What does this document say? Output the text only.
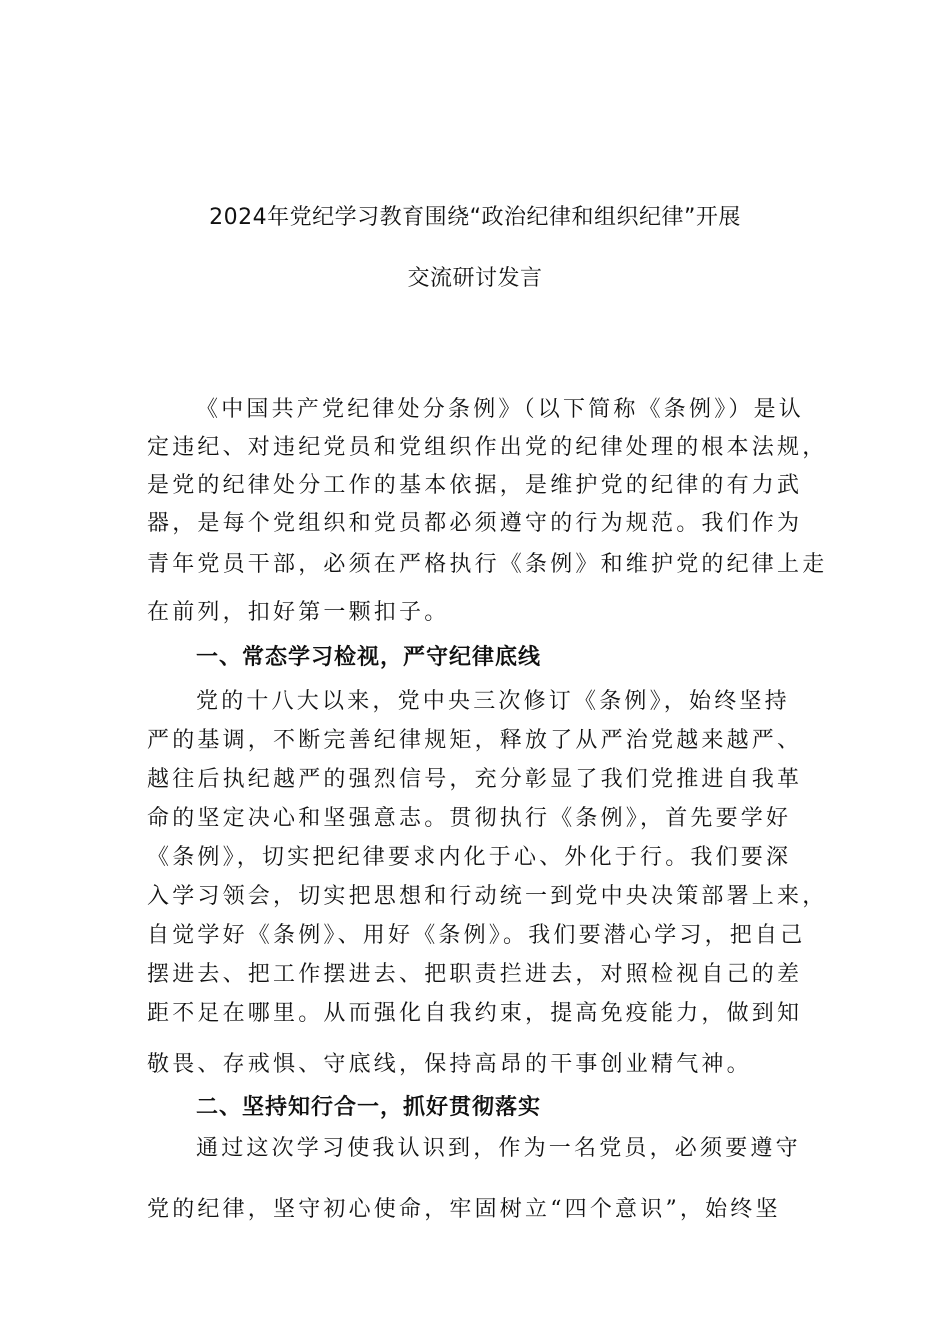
2024年党纪学习教育围绕“政治纪律和组织纪律”开展
交流研讨发言

《中国共产党纪律处分条例》（以下简称《条例》）是认

定违纪、对违纪党员和党组织作出党的纪律处理的根本法规，

是党的纪律处分工作的基本依据，是维护党的纪律的有力武

器，是每个党组织和党员都必须遵守的行为规范。我们作为

青年党员干部，必须在严格执行《条例》和维护党的纪律上走

在前列，扣好第一颗扣子。

一、常态学习检视，严守纪律底线

党的十八大以来，党中央三次修订《条例》，始终坚持

严的基调，不断完善纪律规矩，释放了从严治党越来越严、

越往后执纪越严的强烈信号，充分彰显了我们党推进自我革

命的坚定决心和坚强意志。贯彻执行《条例》，首先要学好

《条例》，切实把纪律要求内化于心、外化于行。我们要深

入学习领会，切实把思想和行动统一到党中央决策部署上来，

自觉学好《条例》、用好《条例》。我们要潜心学习，把自己

摆进去、把工作摆进去、把职责拦进去，对照检视自己的差

距不足在哪里。从而强化自我约束，提高免疫能力，做到知

敬畏、存戒惧、守底线，保持高昂的干事创业精气神。

二、坚持知行合一，抓好贯彻落实

通过这次学习使我认识到，作为一名党员，必须要遵守

党的纪律，坚守初心使命，牢固树立“四个意识”，始终坚
